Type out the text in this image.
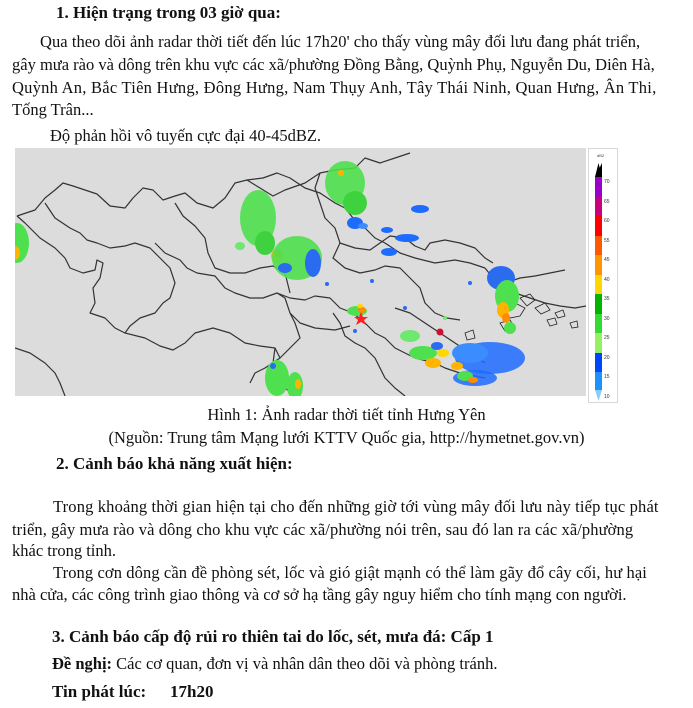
1. Hiện trạng trong 03 giờ qua:
Qua theo dõi ảnh radar thời tiết đến lúc 17h20' cho thấy vùng mây đối lưu đang phát triển,
gây mưa rào và dông trên khu vực các xã/phường Đồng Bằng, Quỳnh Phụ, Nguyễn Du, Diên Hà,
Quỳnh An, Bắc Tiên Hưng, Đông Hưng, Nam Thụy Anh, Tây Thái Ninh, Quan Hưng, Ân Thi,
Tống Trân...
Độ phản hồi vô tuyến cực đại 40-45dBZ.
dBZ
70
65
60
55
45
40
35
30
25
20
15
10
Hình 1: Ảnh radar thời tiết tỉnh Hưng Yên
(Nguồn: Trung tâm Mạng lưới KTTV Quốc gia, http://hymetnet.gov.vn)
2. Cảnh báo khả năng xuất hiện:
Trong khoảng thời gian hiện tại cho đến những giờ tới vùng mây đối lưu này tiếp tục phát
triển, gây mưa rào và dông cho khu vực các xã/phường nói trên, sau đó lan ra các xã/phường
khác trong tỉnh.
Trong cơn dông cần đề phòng sét, lốc và gió giật mạnh có thể làm gãy đổ cây cối, hư hại
nhà cửa, các công trình giao thông và cơ sở hạ tầng gây nguy hiểm cho tính mạng con người.
3. Cảnh báo cấp độ rủi ro thiên tai do lốc, sét, mưa đá: Cấp 1
Đề nghị: Các cơ quan, đơn vị và nhân dân theo dõi và phòng tránh.
Tin phát lúc: 17h20
